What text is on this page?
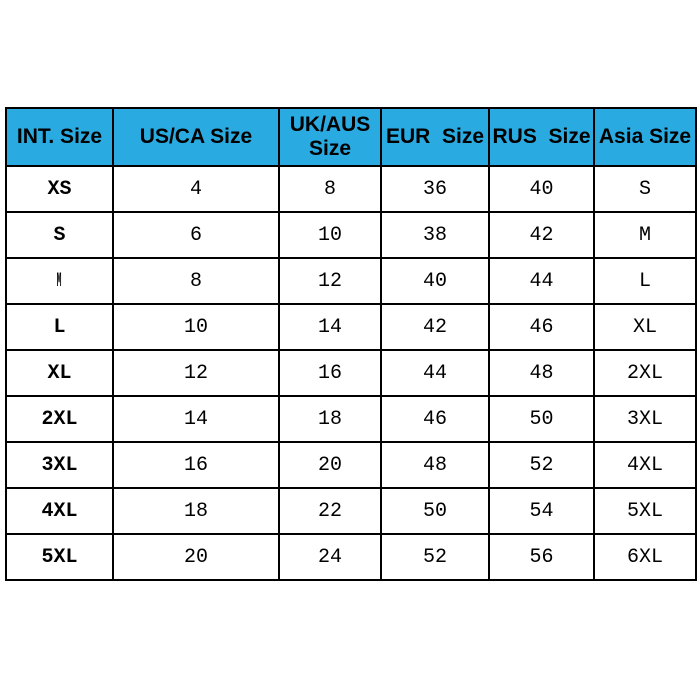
INT. Size	US/CA Size	UK/AUS Size	EUR  Size	RUS  Size	Asia Size
XS	4	8	36	40	S
S	6	10	38	42	M
M	8	12	40	44	L
L	10	14	42	46	XL
XL	12	16	44	48	2XL
2XL	14	18	46	50	3XL
3XL	16	20	48	52	4XL
4XL	18	22	50	54	5XL
5XL	20	24	52	56	6XL
